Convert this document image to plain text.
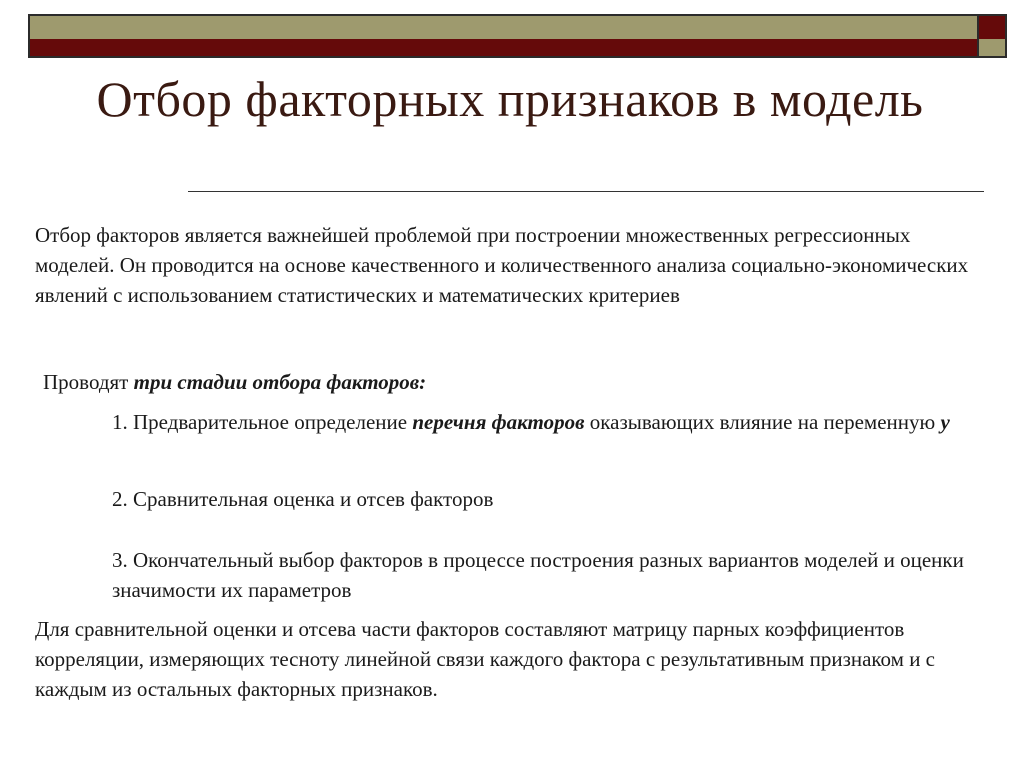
Отбор факторных признаков в модель

Отбор факторов является важнейшей проблемой при построении множественных регрессионных моделей. Он проводится на основе качественного и количественного анализа социально-экономических явлений с использованием статистических и математических критериев

Проводят три стадии отбора факторов:

1. Предварительное определение перечня факторов оказывающих влияние на переменную у

2. Сравнительная оценка и отсев факторов

3. Окончательный выбор факторов в процессе построения разных вариантов моделей и оценки значимости их параметров

Для сравнительной оценки и отсева части факторов составляют матрицу парных коэффициентов корреляции, измеряющих тесноту линейной связи каждого фактора с результативным признаком и с каждым из остальных факторных признаков.
